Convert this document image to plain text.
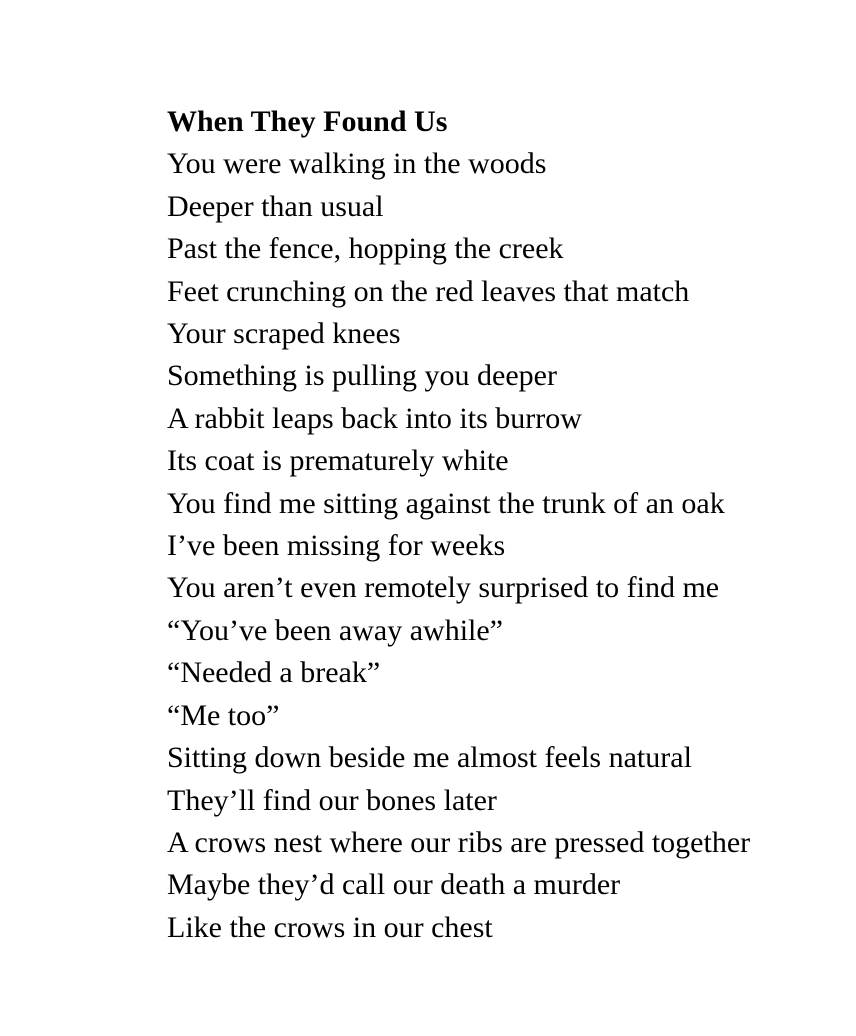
When They Found Us
You were walking in the woods
Deeper than usual
Past the fence, hopping the creek
Feet crunching on the red leaves that match
Your scraped knees
Something is pulling you deeper
A rabbit leaps back into its burrow
Its coat is prematurely white
You find me sitting against the trunk of an oak
I’ve been missing for weeks
You aren’t even remotely surprised to find me
“You’ve been away awhile”
“Needed a break”
“Me too”
Sitting down beside me almost feels natural
They’ll find our bones later
A crows nest where our ribs are pressed together
Maybe they’d call our death a murder
Like the crows in our chest
